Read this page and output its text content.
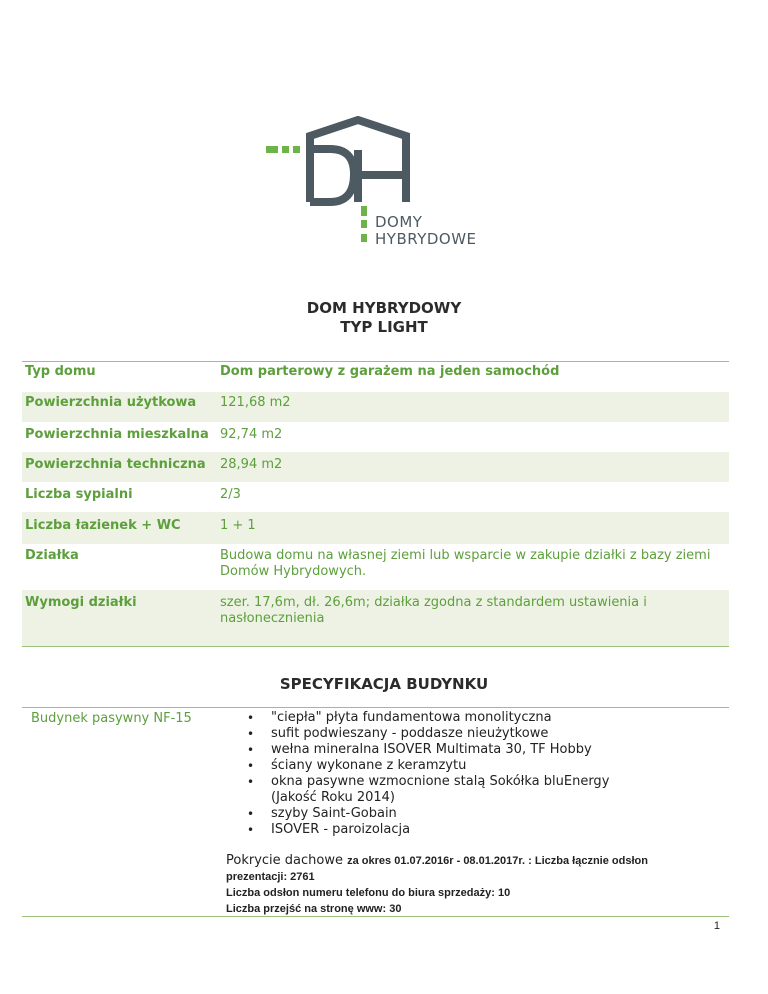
DOMY
HYBRYDOWE
DOM HYBRYDOWY
TYP LIGHT
Typ domu	Dom parterowy z garażem na jeden samochód
Powierzchnia użytkowa 121,68 m2
Powierzchnia mieszkalna 92,74 m2
Powierzchnia techniczna 28,94 m2
Liczba sypialni	2/3
Liczba łazienek + WC	1 + 1
Działka	Budowa domu na własnej ziemi lub wsparcie w zakupie działki z bazy ziemi Domów Hybrydowych.
Wymogi działki	szer. 17,6m, dł. 26,6m; działka zgodna z standardem ustawienia i nasłonecznienia
SPECYFIKACJA BUDYNKU
Budynek pasywny NF-15
•	"ciepła" płyta fundamentowa monolityczna
• sufit podwieszany - poddasze nieużytkowe
• wełna mineralna ISOVER Multimata 30, TF Hobby
• ściany wykonane z keramzytu
• okna pasywne wzmocnione stalą Sokółka bluEnergy
(Jakość Roku 2014)
• szyby Saint-Gobain
• ISOVER - paroizolacja
Pokrycie dachowe za okres 01.07.2016r - 08.01.2017r. : Liczba łącznie odsłon
prezentacji: 2761
Liczba odsłon numeru telefonu do biura sprzedaży: 10
Liczba przejść na stronę www: 30
1
